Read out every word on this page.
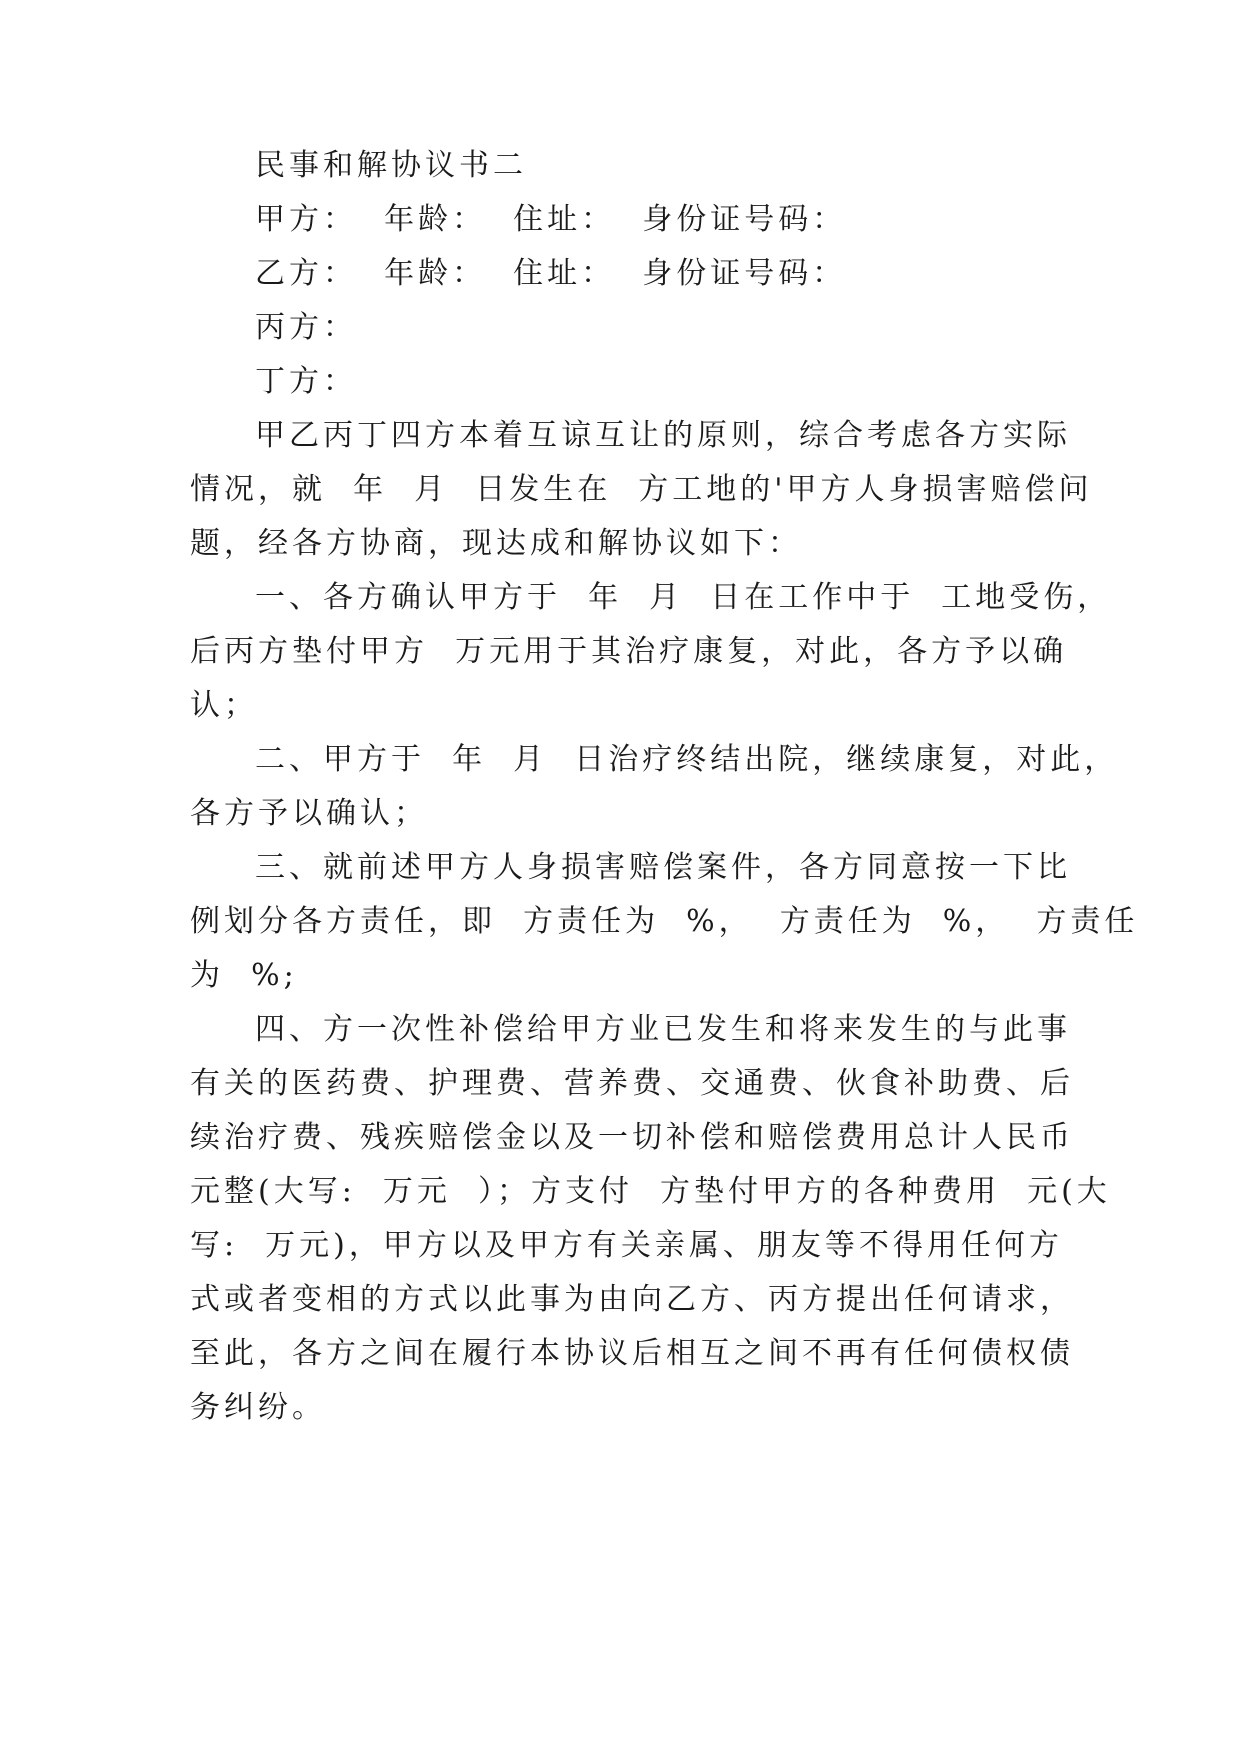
民事和解协议书二

甲方：  年龄：  住址：  身份证号码：

乙方：  年龄：  住址：  身份证号码：

丙方：

丁方：

甲乙丙丁四方本着互谅互让的原则，综合考虑各方实际

情况，就  年  月  日发生在  方工地的'甲方人身损害赔偿问

题，经各方协商，现达成和解协议如下：

一、各方确认甲方于  年  月  日在工作中于  工地受伤，

后丙方垫付甲方  万元用于其治疗康复，对此，各方予以确

认；

二、甲方于  年  月  日治疗终结出院，继续康复，对此，

各方予以确认；

三、就前述甲方人身损害赔偿案件，各方同意按一下比

例划分各方责任，即  方责任为  %，  方责任为  %，  方责任

为  %;

四、方一次性补偿给甲方业已发生和将来发生的与此事

有关的医药费、护理费、营养费、交通费、伙食补助费、后

续治疗费、残疾赔偿金以及一切补偿和赔偿费用总计人民币

元整(大写:  万元  ）；方支付  方垫付甲方的各种费用  元(大

写:  万元)，甲方以及甲方有关亲属、朋友等不得用任何方

式或者变相的方式以此事为由向乙方、丙方提出任何请求，

至此，各方之间在履行本协议后相互之间不再有任何债权债

务纠纷。
